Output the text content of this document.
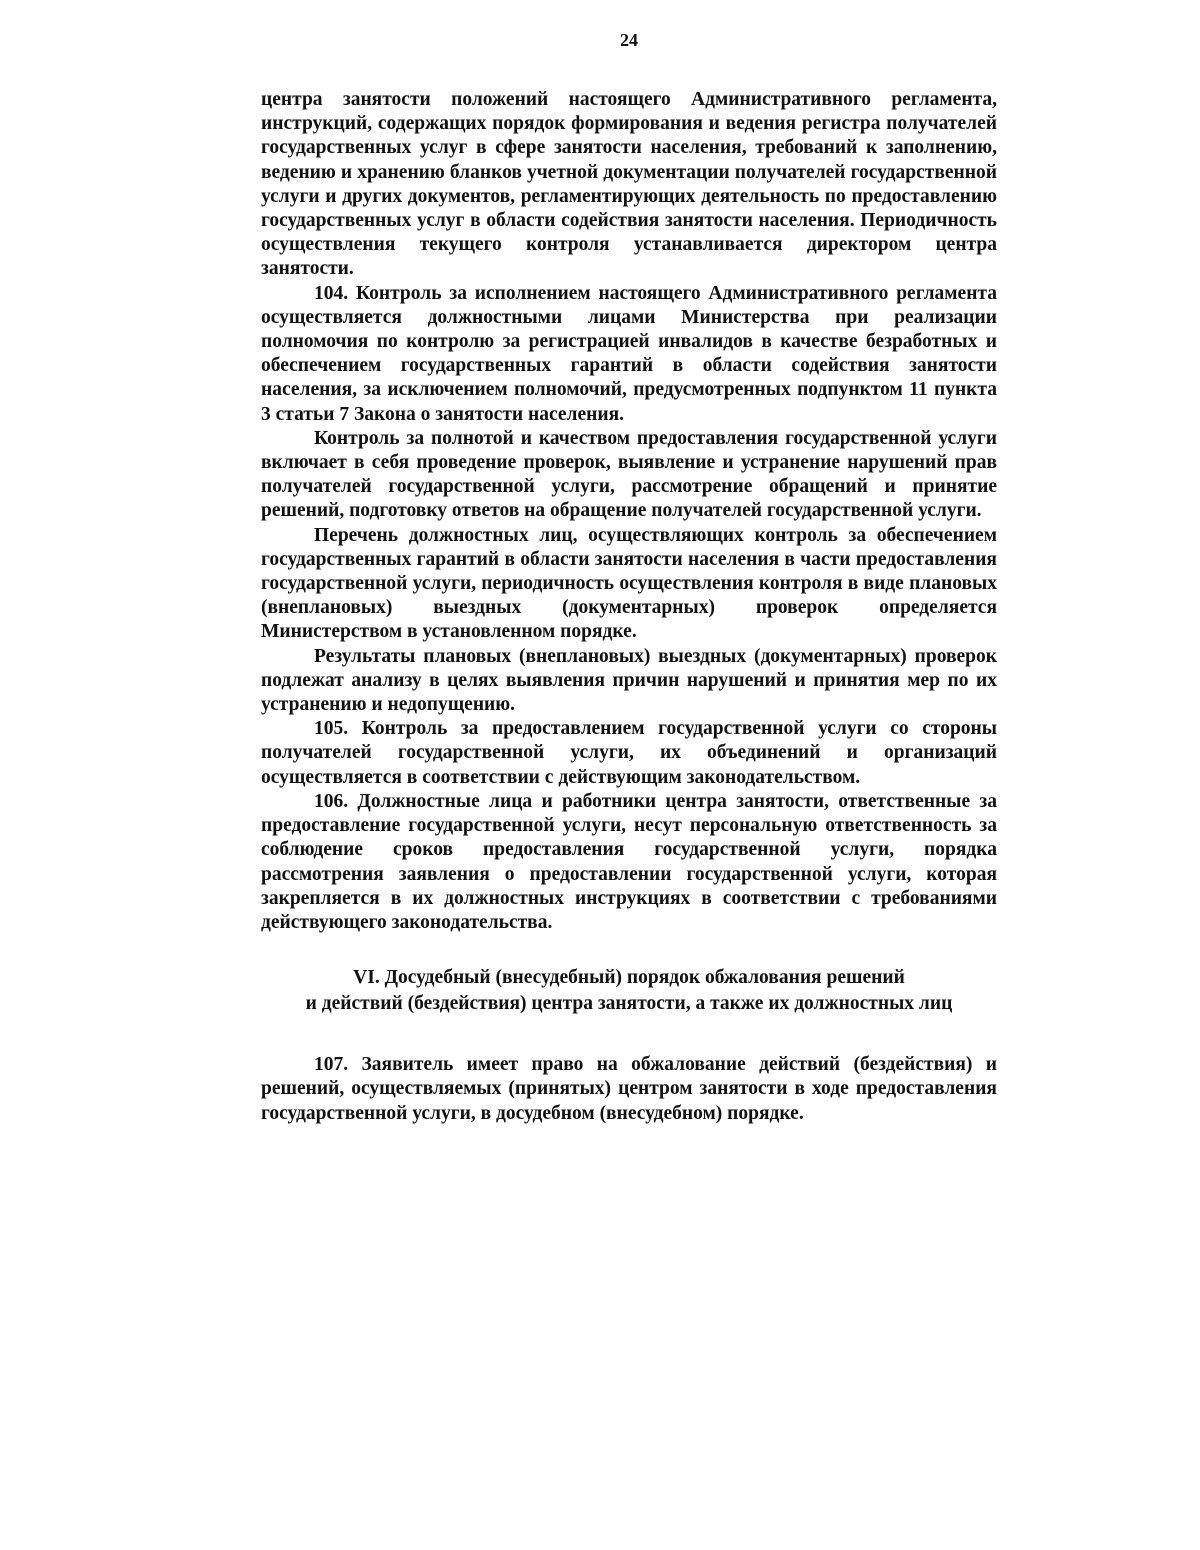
24

центра занятости положений настоящего Административного регламента, инструкций, содержащих порядок формирования и ведения регистра получателей государственных услуг в сфере занятости населения, требований к заполнению, ведению и хранению бланков учетной документации получателей государственной услуги и других документов, регламентирующих деятельность по предоставлению государственных услуг в области содействия занятости населения. Периодичность осуществления текущего контроля устанавливается директором центра занятости.

104. Контроль за исполнением настоящего Административного регламента осуществляется должностными лицами Министерства при реализации полномочия по контролю за регистрацией инвалидов в качестве безработных и обеспечением государственных гарантий в области содействия занятости населения, за исключением полномочий, предусмотренных подпунктом 11 пункта 3 статьи 7 Закона о занятости населения.

Контроль за полнотой и качеством предоставления государственной услуги включает в себя проведение проверок, выявление и устранение нарушений прав получателей государственной услуги, рассмотрение обращений и принятие решений, подготовку ответов на обращение получателей государственной услуги.

Перечень должностных лиц, осуществляющих контроль за обеспечением государственных гарантий в области занятости населения в части предоставления государственной услуги, периодичность осуществления контроля в виде плановых (внеплановых) выездных (документарных) проверок определяется Министерством в установленном порядке.

Результаты плановых (внеплановых) выездных (документарных) проверок подлежат анализу в целях выявления причин нарушений и принятия мер по их устранению и недопущению.

105. Контроль за предоставлением государственной услуги со стороны получателей государственной услуги, их объединений и организаций осуществляется в соответствии с действующим законодательством.

106. Должностные лица и работники центра занятости, ответственные за предоставление государственной услуги, несут персональную ответственность за соблюдение сроков предоставления государственной услуги, порядка рассмотрения заявления о предоставлении государственной услуги, которая закрепляется в их должностных инструкциях в соответствии с требованиями действующего законодательства.

VI. Досудебный (внесудебный) порядок обжалования решений
и действий (бездействия) центра занятости, а также их должностных лиц

107. Заявитель имеет право на обжалование действий (бездействия) и решений, осуществляемых (принятых) центром занятости в ходе предоставления государственной услуги, в досудебном (внесудебном) порядке.
